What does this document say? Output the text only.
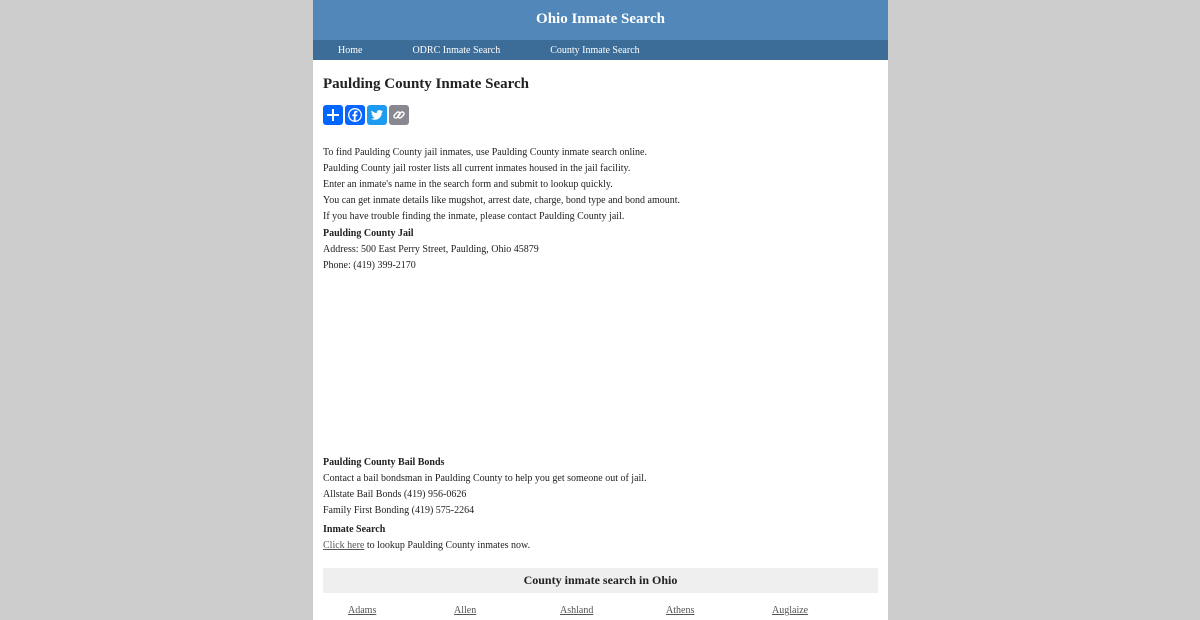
Ohio Inmate Search
Home	ODRC Inmate Search	County Inmate Search
Paulding County Inmate Search

To find Paulding County jail inmates, use Paulding County inmate search online.

Paulding County jail roster lists all current inmates housed in the jail facility.

Enter an inmate's name in the search form and submit to lookup quickly.

You can get inmate details like mugshot, arrest date, charge, bond type and bond amount.

If you have trouble finding the inmate, please contact Paulding County jail.

Paulding County Jail

Address: 500 East Perry Street, Paulding, Ohio 45879

Phone: (419) 399-2170

Paulding County Bail Bonds

Contact a bail bondsman in Paulding County to help you get someone out of jail.

Allstate Bail Bonds (419) 956-0626

Family First Bonding (419) 575-2264

Inmate Search

Click here to lookup Paulding County inmates now.

County inmate search in Ohio
Adams	Allen	Ashland	Athens	Auglaize
